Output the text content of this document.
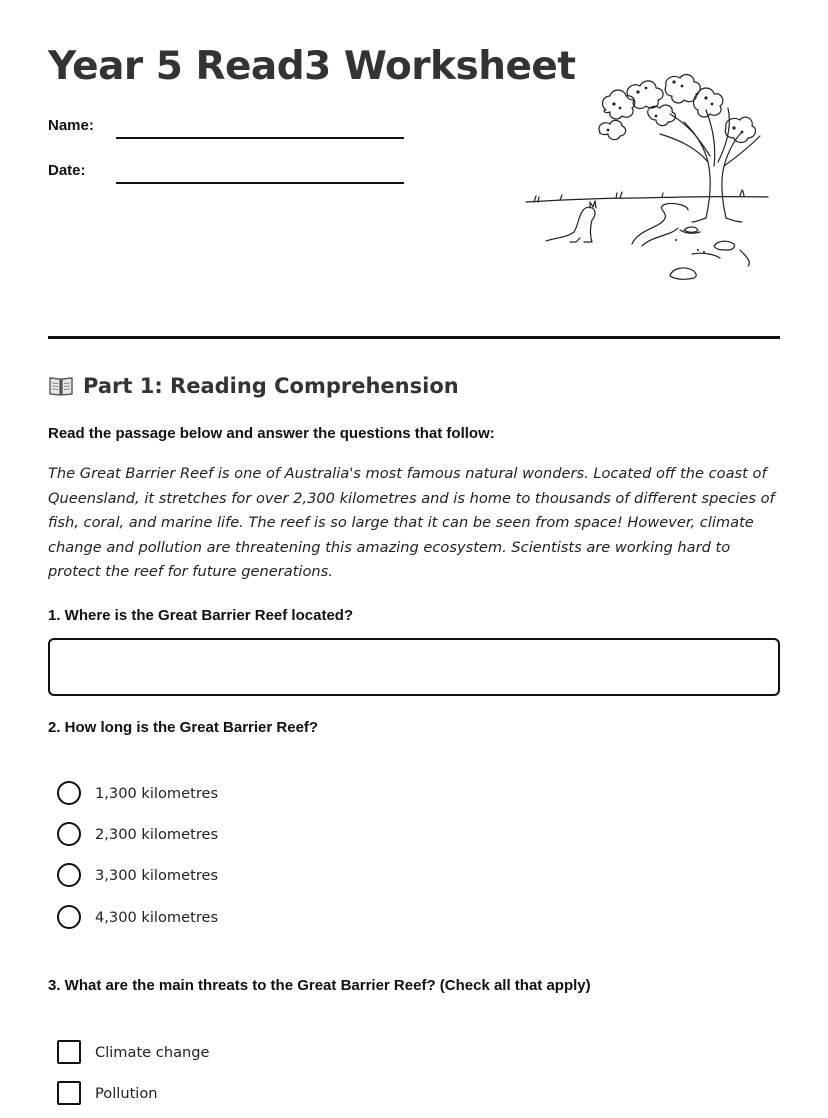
Year 5 Read3 Worksheet
Name:
Date:
Part 1: Reading Comprehension
Read the passage below and answer the questions that follow:

The Great Barrier Reef is one of Australia's most famous natural wonders. Located off the coast of Queensland, it stretches for over 2,300 kilometres and is home to thousands of different species of fish, coral, and marine life. The reef is so large that it can be seen from space! However, climate change and pollution are threatening this amazing ecosystem. Scientists are working hard to protect the reef for future generations.

1. Where is the Great Barrier Reef located?
2. How long is the Great Barrier Reef?
1,300 kilometres
2,300 kilometres
3,300 kilometres
4,300 kilometres
3. What are the main threats to the Great Barrier Reef? (Check all that apply)
Climate change
Pollution
